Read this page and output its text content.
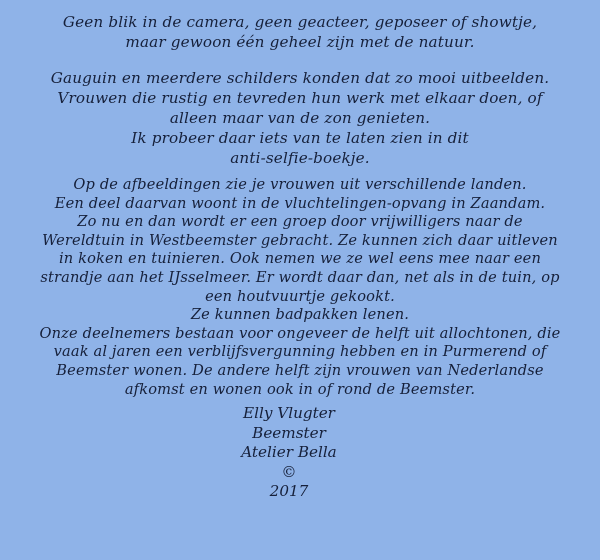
Geen blik in de camera, geen geacteer, geposeer of showtje,
maar gewoon één geheel zijn met de natuur.
Gauguin en meerdere schilders konden dat zo mooi uitbeelden.
Vrouwen die rustig en tevreden hun werk met elkaar doen, of
alleen maar van de zon genieten.
Ik probeer daar iets van te laten zien in dit
anti-selfie-boekje.
Op de afbeeldingen zie je vrouwen uit verschillende landen.
Een deel daarvan woont in de vluchtelingen-opvang in Zaandam.
Zo nu en dan wordt er een groep door vrijwilligers naar de
Wereldtuin in Westbeemster gebracht. Ze kunnen zich daar uitleven
in koken en tuinieren. Ook nemen we ze wel eens mee naar een
strandje aan het IJsselmeer. Er wordt daar dan, net als in de tuin, op
een houtvuurtje gekookt.
Ze kunnen badpakken lenen.
Onze deelnemers bestaan voor ongeveer de helft uit allochtonen, die
vaak al jaren een verblijfsvergunning hebben en in Purmerend of
Beemster wonen. De andere helft zijn vrouwen van Nederlandse
afkomst en wonen ook in of rond de Beemster.
Elly Vlugter
Beemster
Atelier Bella
©
2017
